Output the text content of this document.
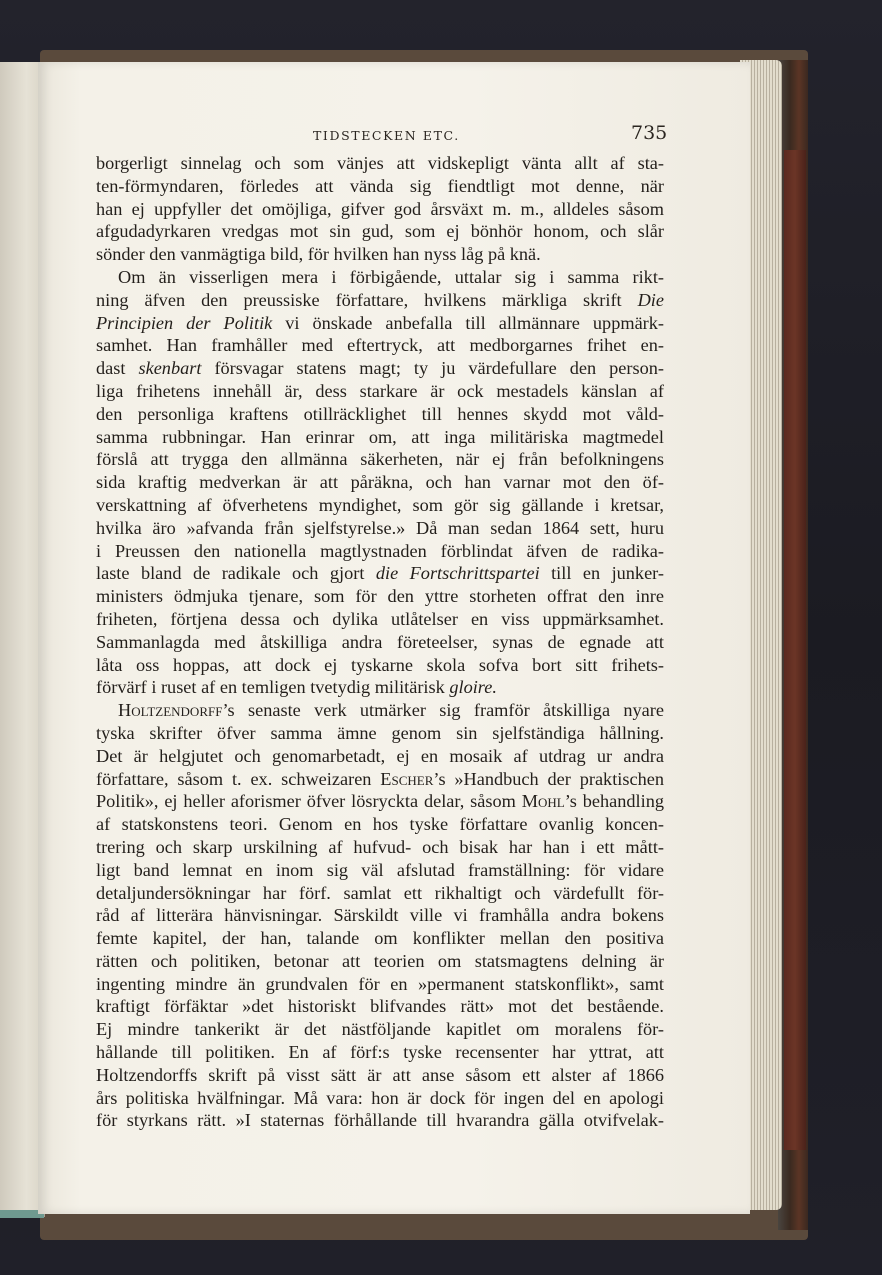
TIDSTECKEN ETC.	735
borgerligt sinnelag och som vänjes att vidskepligt vänta allt af sta-
ten-förmyndaren, förledes att vända sig fiendtligt mot denne, när
han ej uppfyller det omöjliga, gifver god årsväxt m. m., alldeles såsom
afgudadyrkaren vredgas mot sin gud, som ej bönhör honom, och slår
sönder den vanmägtiga bild, för hvilken han nyss låg på knä.
Om än visserligen mera i förbigående, uttalar sig i samma rikt-
ning äfven den preussiske författare, hvilkens märkliga skrift Die
Principien der Politik vi önskade anbefalla till allmännare uppmärk-
samhet. Han framhåller med eftertryck, att medborgarnes frihet en-
dast skenbart försvagar statens magt; ty ju värdefullare den person-
liga frihetens innehåll är, dess starkare är ock mestadels känslan af
den personliga kraftens otillräcklighet till hennes skydd mot våld-
samma rubbningar. Han erinrar om, att inga militäriska magtmedel
förslå att trygga den allmänna säkerheten, när ej från befolkningens
sida kraftig medverkan är att påräkna, och han varnar mot den öf-
verskattning af öfverhetens myndighet, som gör sig gällande i kretsar,
hvilka äro »afvanda från sjelfstyrelse.» Då man sedan 1864 sett, huru
i Preussen den nationella magtlystnaden förblindat äfven de radika-
laste bland de radikale och gjort die Fortschrittspartei till en junker-
ministers ödmjuka tjenare, som för den yttre storheten offrat den inre
friheten, förtjena dessa och dylika utlåtelser en viss uppmärksamhet.
Sammanlagda med åtskilliga andra företeelser, synas de egnade att
låta oss hoppas, att dock ej tyskarne skola sofva bort sitt frihets-
förvärf i ruset af en temligen tvetydig militärisk gloire.
Holtzendorff’s senaste verk utmärker sig framför åtskilliga nyare
tyska skrifter öfver samma ämne genom sin sjelfständiga hållning.
Det är helgjutet och genomarbetadt, ej en mosaik af utdrag ur andra
författare, såsom t. ex. schweizaren Escher’s »Handbuch der praktischen
Politik», ej heller aforismer öfver lösryckta delar, såsom Mohl’s behandling
af statskonstens teori. Genom en hos tyske författare ovanlig koncen-
trering och skarp urskilning af hufvud- och bisak har han i ett mått-
ligt band lemnat en inom sig väl afslutad framställning: för vidare
detaljundersökningar har förf. samlat ett rikhaltigt och värdefullt för-
råd af litterära hänvisningar. Särskildt ville vi framhålla andra bokens
femte kapitel, der han, talande om konflikter mellan den positiva
rätten och politiken, betonar att teorien om statsmagtens delning är
ingenting mindre än grundvalen för en »permanent statskonflikt», samt
kraftigt förfäktar »det historiskt blifvandes rätt» mot det bestående.
Ej mindre tankerikt är det nästföljande kapitlet om moralens för-
hållande till politiken. En af förf:s tyske recensenter har yttrat, att
Holtzendorffs skrift på visst sätt är att anse såsom ett alster af 1866
års politiska hvälfningar. Må vara: hon är dock för ingen del en apologi
för styrkans rätt. »I staternas förhållande till hvarandra gälla otvifvelak-
